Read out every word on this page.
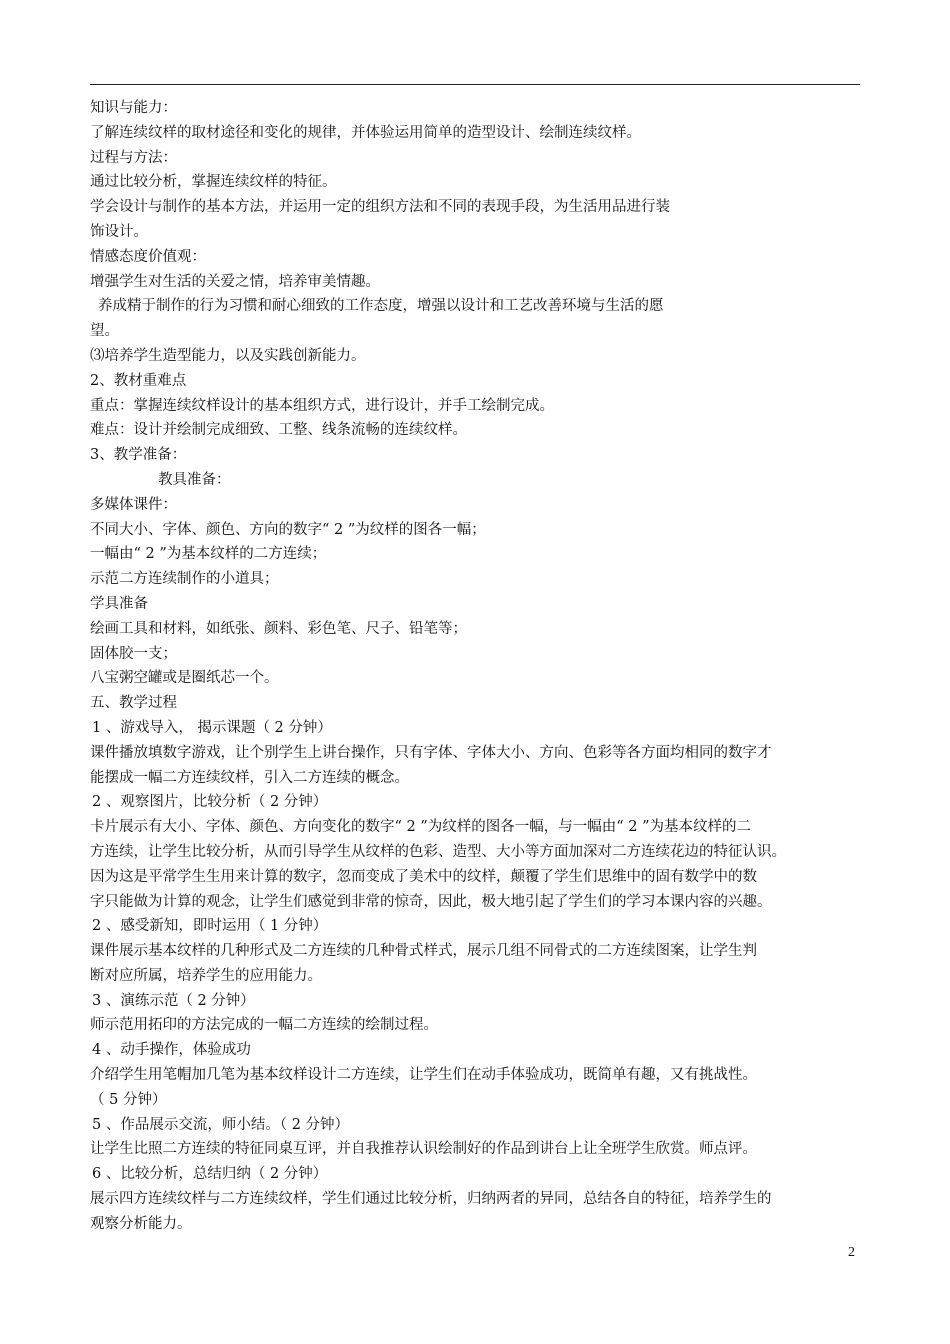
知识与能力：
了解连续纹样的取材途径和变化的规律，并体验运用简单的造型设计、绘制连续纹样。
过程与方法：
通过比较分析，掌握连续纹样的特征。
学会设计与制作的基本方法，并运用一定的组织方法和不同的表现手段，为生活用品进行装
饰设计。
情感态度价值观：
增强学生对生活的关爱之情，培养审美情趣。
养成精于制作的行为习惯和耐心细致的工作态度，增强以设计和工艺改善环境与生活的愿
望。
⑶培养学生造型能力，以及实践创新能力。
2、教材重难点
重点：掌握连续纹样设计的基本组织方式，进行设计，并手工绘制完成。
难点：设计并绘制完成细致、工整、线条流畅的连续纹样。
3、教学准备：
教具准备：
多媒体课件：
不同大小、字体、颜色、方向的数字“ 2 ”为纹样的图各一幅；
一幅由“ 2 ”为基本纹样的二方连续；
示范二方连续制作的小道具；
学具准备
绘画工具和材料，如纸张、颜料、彩色笔、尺子、铅笔等；
固体胶一支；
八宝粥空罐或是圈纸芯一个。
五、教学过程
1 、游戏导入， 揭示课题（ 2 分钟）
课件播放填数字游戏，让个别学生上讲台操作，只有字体、字体大小、方向、色彩等各方面均相同的数字才
能摆成一幅二方连续纹样，引入二方连续的概念。
2 、观察图片，比较分析（ 2 分钟）
卡片展示有大小、字体、颜色、方向变化的数字“ 2 ”为纹样的图各一幅，与一幅由“ 2 ”为基本纹样的二
方连续，让学生比较分析，从而引导学生从纹样的色彩、造型、大小等方面加深对二方连续花边的特征认识。
因为这是平常学生生用来计算的数字，忽而变成了美术中的纹样，颠覆了学生们思维中的固有数学中的数
字只能做为计算的观念，让学生们感觉到非常的惊奇，因此，极大地引起了学生们的学习本课内容的兴趣。
2 、感受新知，即时运用（ 1 分钟）
课件展示基本纹样的几种形式及二方连续的几种骨式样式，展示几组不同骨式的二方连续图案，让学生判
断对应所属，培养学生的应用能力。
3 、演练示范（ 2 分钟）
师示范用拓印的方法完成的一幅二方连续的绘制过程。
4 、动手操作，体验成功
介绍学生用笔帽加几笔为基本纹样设计二方连续，让学生们在动手体验成功，既简单有趣，又有挑战性。
（ 5 分钟）
5 、作品展示交流，师小结。（ 2 分钟）
让学生比照二方连续的特征同桌互评，并自我推荐认识绘制好的作品到讲台上让全班学生欣赏。师点评。
6 、比较分析，总结归纳（ 2 分钟）
展示四方连续纹样与二方连续纹样，学生们通过比较分析，归纳两者的异同，总结各自的特征，培养学生的
观察分析能力。
2
